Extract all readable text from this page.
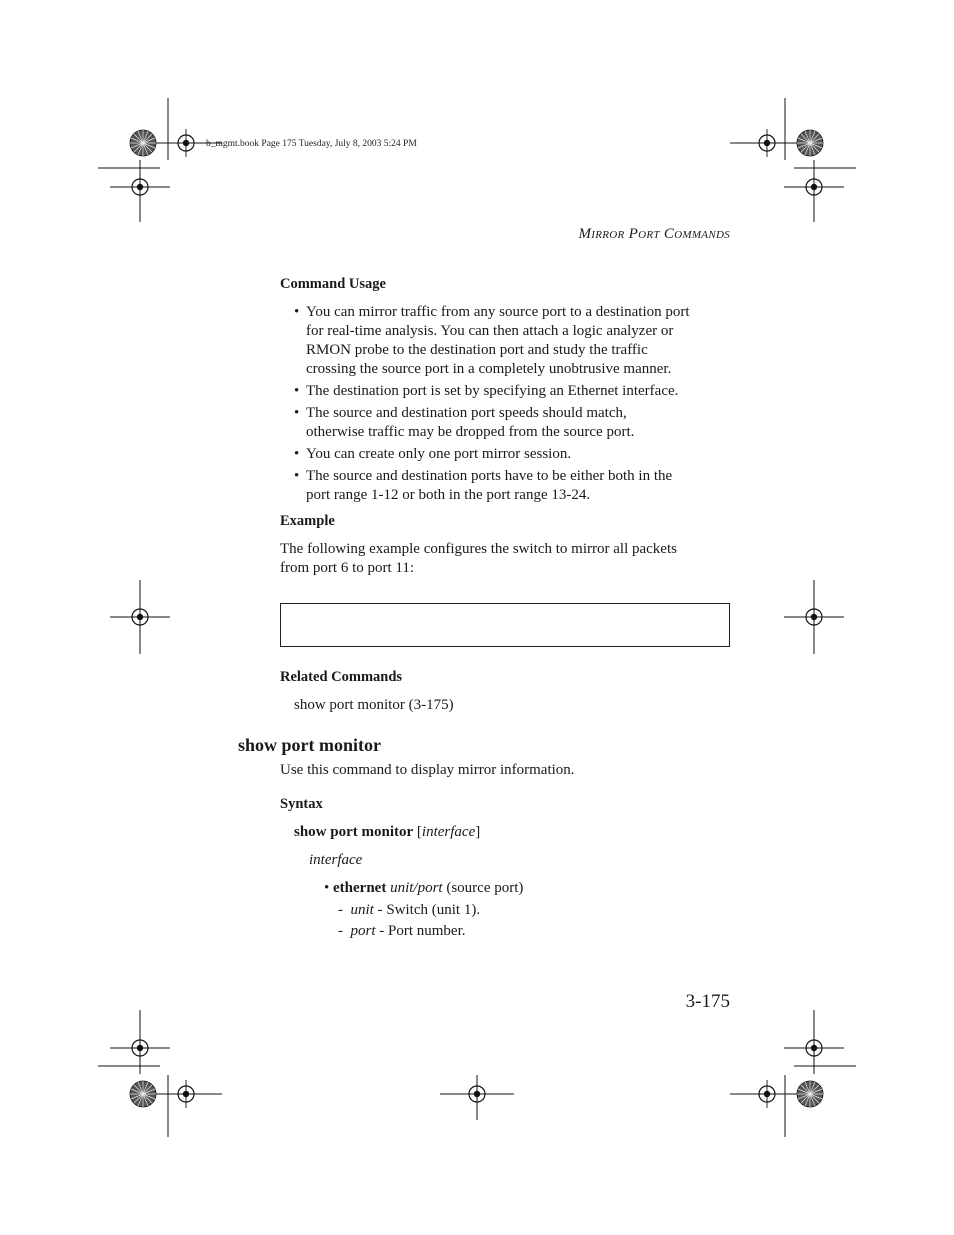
b_mgmt.book Page 175 Tuesday, July 8, 2003 5:24 PM
MIRROR PORT COMMANDS
Command Usage
• You can mirror traffic from any source port to a destination port
for real-time analysis. You can then attach a logic analyzer or
RMON probe to the destination port and study the traffic
crossing the source port in a completely unobtrusive manner.
• The destination port is set by specifying an Ethernet interface.
• The source and destination port speeds should match,
otherwise traffic may be dropped from the source port.
• You can create only one port mirror session.
• The source and destination ports have to be either both in the
port range 1-12 or both in the port range 13-24.
Example
The following example configures the switch to mirror all packets
from port 6 to port 11:
Related Commands
show port monitor (3-175)
show port monitor
Use this command to display mirror information.
Syntax
show port monitor [interface]
interface
• ethernet unit/port (source port)
-  unit - Switch (unit 1).
-  port - Port number.
3-175
